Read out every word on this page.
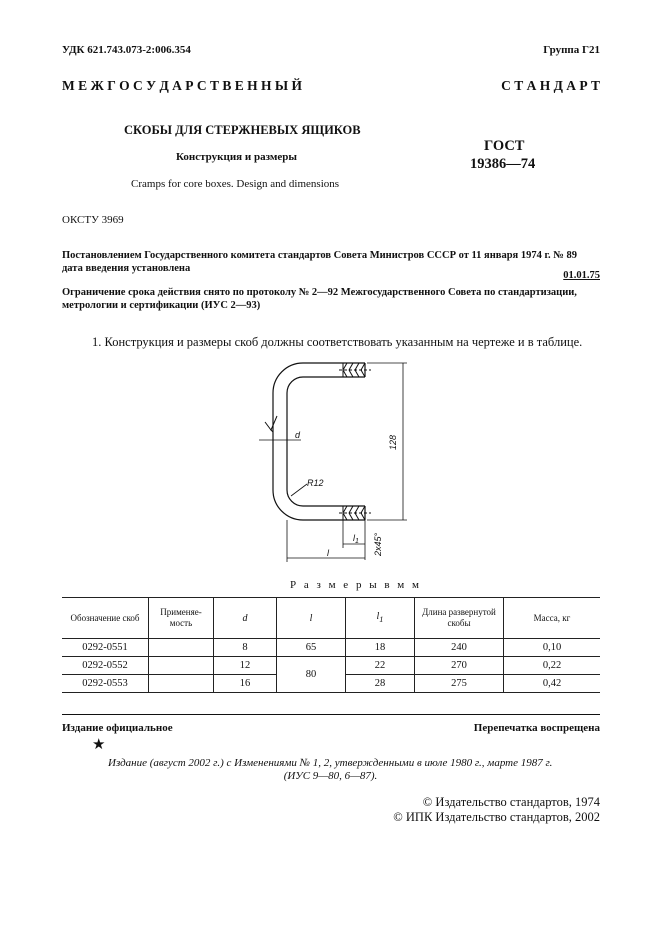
УДК 621.743.073-2:006.354	Группа Г21
М Е Ж Г О С У Д А Р С Т В Е Н Н Ы Й	С Т А Н Д А Р Т
СКОБЫ ДЛЯ СТЕРЖНЕВЫХ ЯЩИКОВ
Конструкция и размеры
Cramps for core boxes. Design and dimensions
ГОСТ
19386—74
ОКСТУ 3969
Постановлением Государственного комитета стандартов Совета Министров СССР от 11 января 1974 г. № 89 дата введения установлена
01.01.75
Ограничение срока действия снято по протоколу № 2—92 Межгосударственного Совета по стандартизации, метрологии и сертификации (ИУС 2—93)
1. Конструкция и размеры скоб должны соответствовать указанным на чертеже и в таблице.
d	128
R12
$l_1$
l	2x45°
Р а з м е р ы в м м
Обозначение скоб	Применяе- мость	d	l	$l_1$	Длина развернутой скобы	Масса, кг
0292-0551		8	65	18	240	0,10
0292-0552		12	80	22	270	0,22
0292-0553		16		28	275	0,42
Издание официальное	Перепечатка воспрещена
★
Издание (август 2002 г.) с Изменениями № 1, 2, утвержденными в июле 1980 г., марте 1987 г.
(ИУС 9—80, 6—87).
© Издательство стандартов, 1974
© ИПК Издательство стандартов, 2002
